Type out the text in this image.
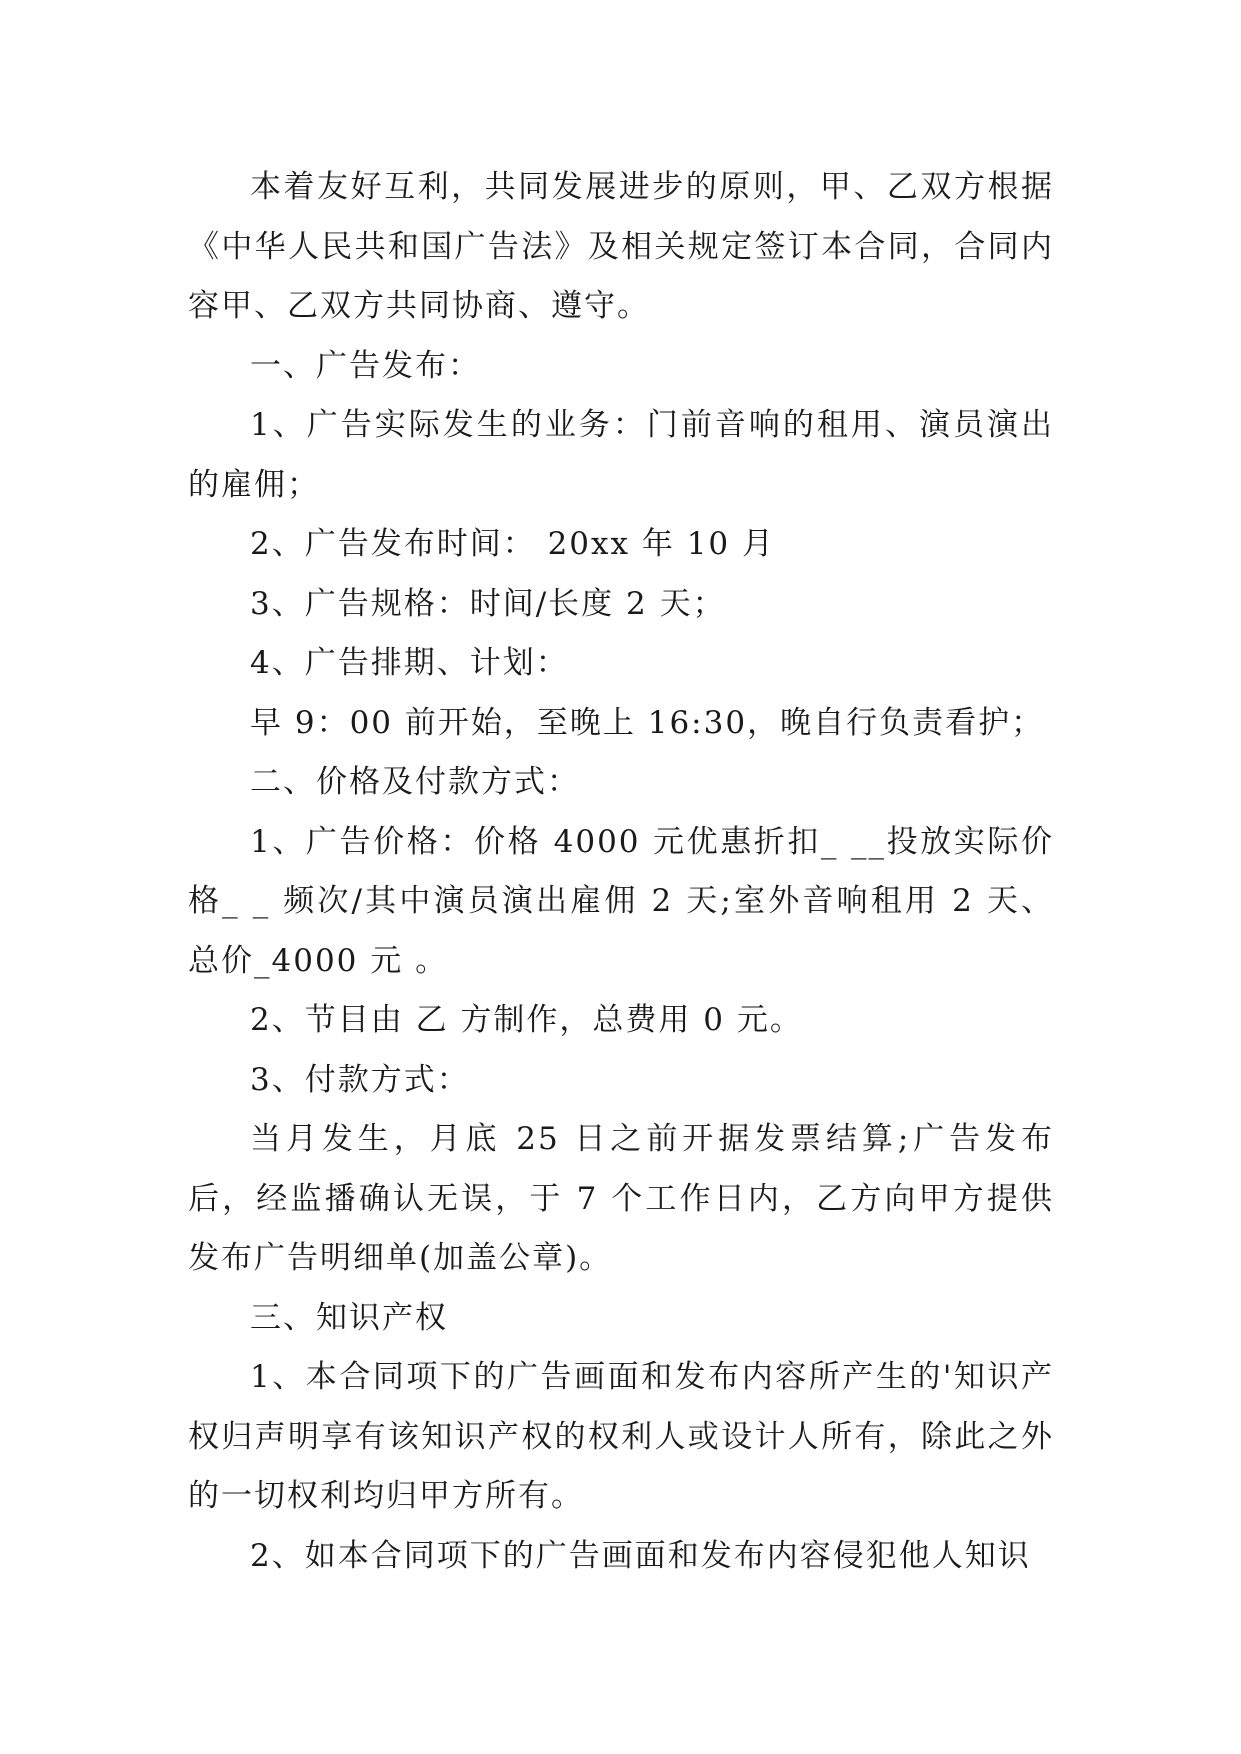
本着友好互利，共同发展进步的原则，甲、乙双方根据《中华人民共和国广告法》及相关规定签订本合同，合同内容甲、乙双方共同协商、遵守。

一、广告发布：

1、广告实际发生的业务：门前音响的租用、演员演出的雇佣；

2、广告发布时间： 20xx 年 10 月

3、广告规格：时间/长度 2 天；

4、广告排期、计划：

早 9：00 前开始，至晚上 16:30，晚自行负责看护；

二、价格及付款方式：

1、广告价格：价格 4000 元优惠折扣_ __投放实际价格_ _ 频次/其中演员演出雇佣 2 天;室外音响租用 2 天、总价_4000 元 。

2、节目由 乙 方制作，总费用 0 元。

3、付款方式：

当月发生，月底 25 日之前开据发票结算;广告发布后，经监播确认无误，于 7 个工作日内，乙方向甲方提供发布广告明细单(加盖公章)。

三、知识产权

1、本合同项下的广告画面和发布内容所产生的'知识产权归声明享有该知识产权的权利人或设计人所有，除此之外的一切权利均归甲方所有。

2、如本合同项下的广告画面和发布内容侵犯他人知识
